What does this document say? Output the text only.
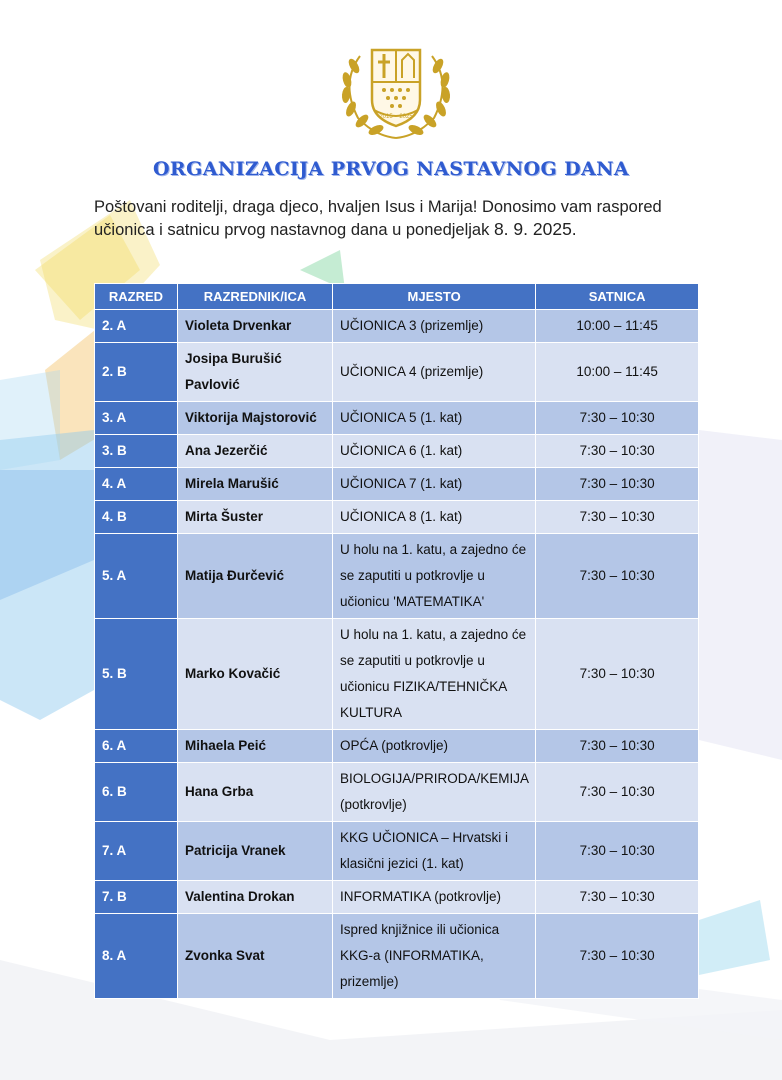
2015 – 2025
ORGANIZACIJA PRVOG NASTAVNOG DANA
Poštovani roditelji, draga djeco, hvaljen Isus i Marija! Donosimo vam raspored učionica i satnicu prvog nastavnog dana u ponedjeljak 8. 9. 2025.
RAZRED	RAZREDNIK/ICA	MJESTO	SATNICA
2. A	Violeta Drvenkar	UČIONICA 3 (prizemlje)	10:00 – 11:45
2. B	Josipa Burušić Pavlović	UČIONICA 4 (prizemlje)	10:00 – 11:45
3. A	Viktorija Majstorović	UČIONICA 5 (1. kat)	7:30 – 10:30
3. B	Ana Jezerčić	UČIONICA 6 (1. kat)	7:30 – 10:30
4. A	Mirela Marušić	UČIONICA 7 (1. kat)	7:30 – 10:30
4. B	Mirta Šuster	UČIONICA 8 (1. kat)	7:30 – 10:30
5. A	Matija Đurčević	U holu na 1. katu, a zajedno će se zaputiti u potkrovlje u učionicu 'MATEMATIKA'	7:30 – 10:30
5. B	Marko Kovačić	U holu na 1. katu, a zajedno će se zaputiti u potkrovlje u učionicu FIZIKA/TEHNIČKA KULTURA	7:30 – 10:30
6. A	Mihaela Peić	OPĆA (potkrovlje)	7:30 – 10:30
6. B	Hana Grba	BIOLOGIJA/PRIRODA/KEMIJA (potkrovlje)	7:30 – 10:30
7. A	Patricija Vranek	KKG UČIONICA – Hrvatski i klasični jezici (1. kat)	7:30 – 10:30
7. B	Valentina Drokan	INFORMATIKA (potkrovlje)	7:30 – 10:30
8. A	Zvonka Svat	Ispred knjižnice ili učionica KKG-a (INFORMATIKA, prizemlje)	7:30 – 10:30
